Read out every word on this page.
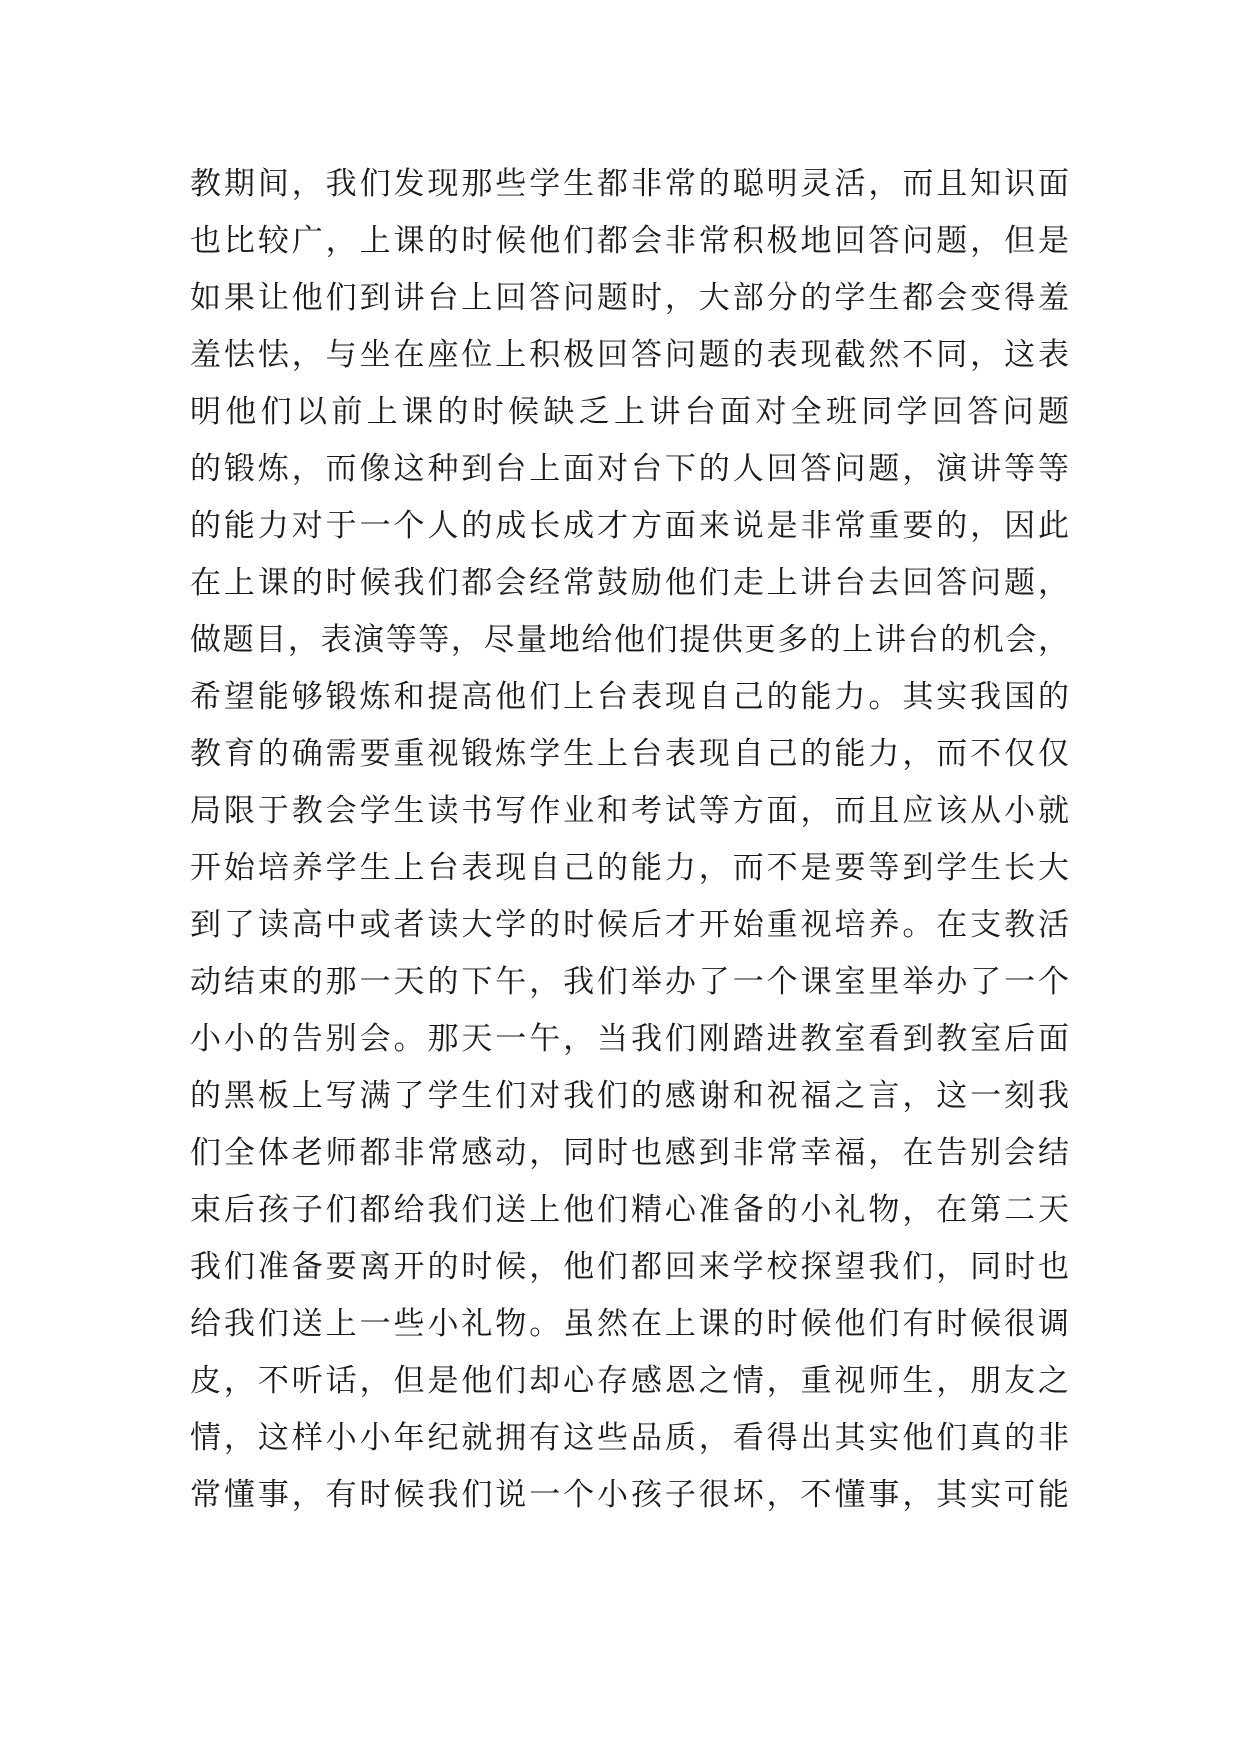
教期间，我们发现那些学生都非常的聪明灵活，而且知识面
也比较广，上课的时候他们都会非常积极地回答问题，但是
如果让他们到讲台上回答问题时，大部分的学生都会变得羞
羞怯怯，与坐在座位上积极回答问题的表现截然不同，这表
明他们以前上课的时候缺乏上讲台面对全班同学回答问题
的锻炼，而像这种到台上面对台下的人回答问题，演讲等等
的能力对于一个人的成长成才方面来说是非常重要的，因此
在上课的时候我们都会经常鼓励他们走上讲台去回答问题，
做题目，表演等等，尽量地给他们提供更多的上讲台的机会，
希望能够锻炼和提高他们上台表现自己的能力。其实我国的
教育的确需要重视锻炼学生上台表现自己的能力，而不仅仅
局限于教会学生读书写作业和考试等方面，而且应该从小就
开始培养学生上台表现自己的能力，而不是要等到学生长大
到了读高中或者读大学的时候后才开始重视培养。在支教活
动结束的那一天的下午，我们举办了一个课室里举办了一个
小小的告别会。那天一午，当我们刚踏进教室看到教室后面
的黑板上写满了学生们对我们的感谢和祝福之言，这一刻我
们全体老师都非常感动，同时也感到非常幸福，在告别会结
束后孩子们都给我们送上他们精心准备的小礼物，在第二天
我们准备要离开的时候，他们都回来学校探望我们，同时也
给我们送上一些小礼物。虽然在上课的时候他们有时候很调
皮，不听话，但是他们却心存感恩之情，重视师生，朋友之
情，这样小小年纪就拥有这些品质，看得出其实他们真的非
常懂事，有时候我们说一个小孩子很坏，不懂事，其实可能
